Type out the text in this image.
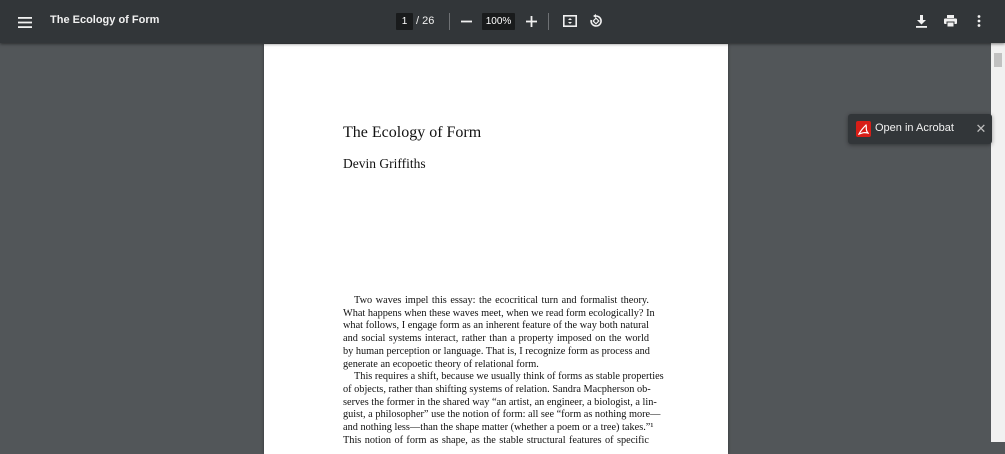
The Ecology of Form	1 / 26	100%
The Ecology of Form
Devin Griffiths
Two waves impel this essay: the ecocritical turn and formalist theory.
What happens when these waves meet, when we read form ecologically? In
what follows, I engage form as an inherent feature of the way both natural
and social systems interact, rather than a property imposed on the world
by human perception or language. That is, I recognize form as process and
generate an ecopoetic theory of relational form.
This requires a shift, because we usually think of forms as stable properties
of objects, rather than shifting systems of relation. Sandra Macpherson ob-
serves the former in the shared way “an artist, an engineer, a biologist, a lin-
guist, a philosopher” use the notion of form: all see “form as nothing more—
and nothing less—than the shape matter (whether a poem or a tree) takes.”¹
This notion of form as shape, as the stable structural features of specific
Open in Acrobat ✕
